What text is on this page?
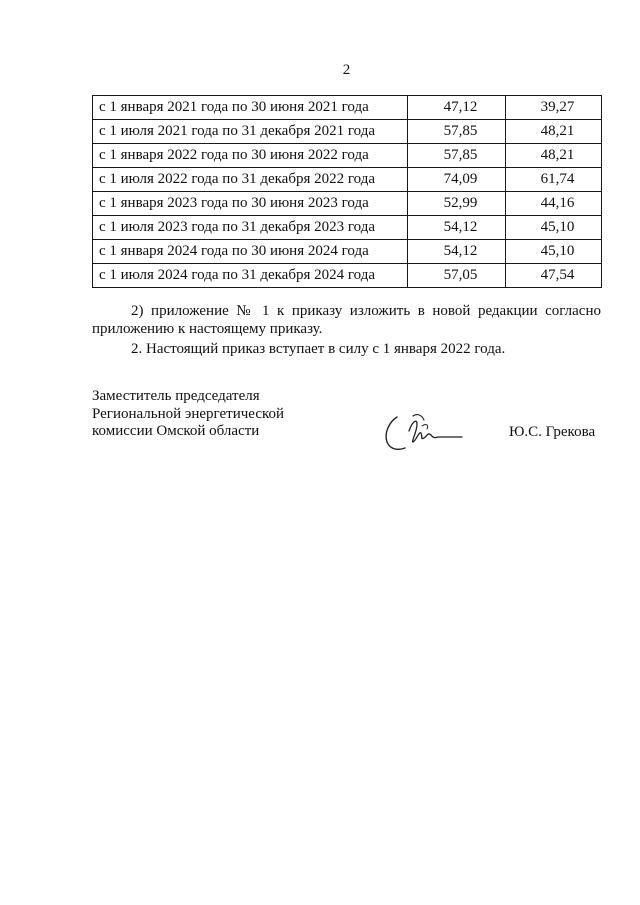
2
с 1 января 2021 года по 30 июня 2021 года	47,12	39,27
с 1 июля 2021 года по 31 декабря 2021 года	57,85	48,21
с 1 января 2022 года по 30 июня 2022 года	57,85	48,21
с 1 июля 2022 года по 31 декабря 2022 года	74,09	61,74
с 1 января 2023 года по 30 июня 2023 года	52,99	44,16
с 1 июля 2023 года по 31 декабря 2023 года	54,12	45,10
с 1 января 2024 года по 30 июня 2024 года	54,12	45,10
с 1 июля 2024 года по 31 декабря 2024 года	57,05	47,54

2) приложение № 1 к приказу изложить в новой редакции согласно приложению к настоящему приказу.

2. Настоящий приказ вступает в силу с 1 января 2022 года.

Заместитель председателя
Региональной энергетической
комиссии Омской области	Ю.С. Грекова
